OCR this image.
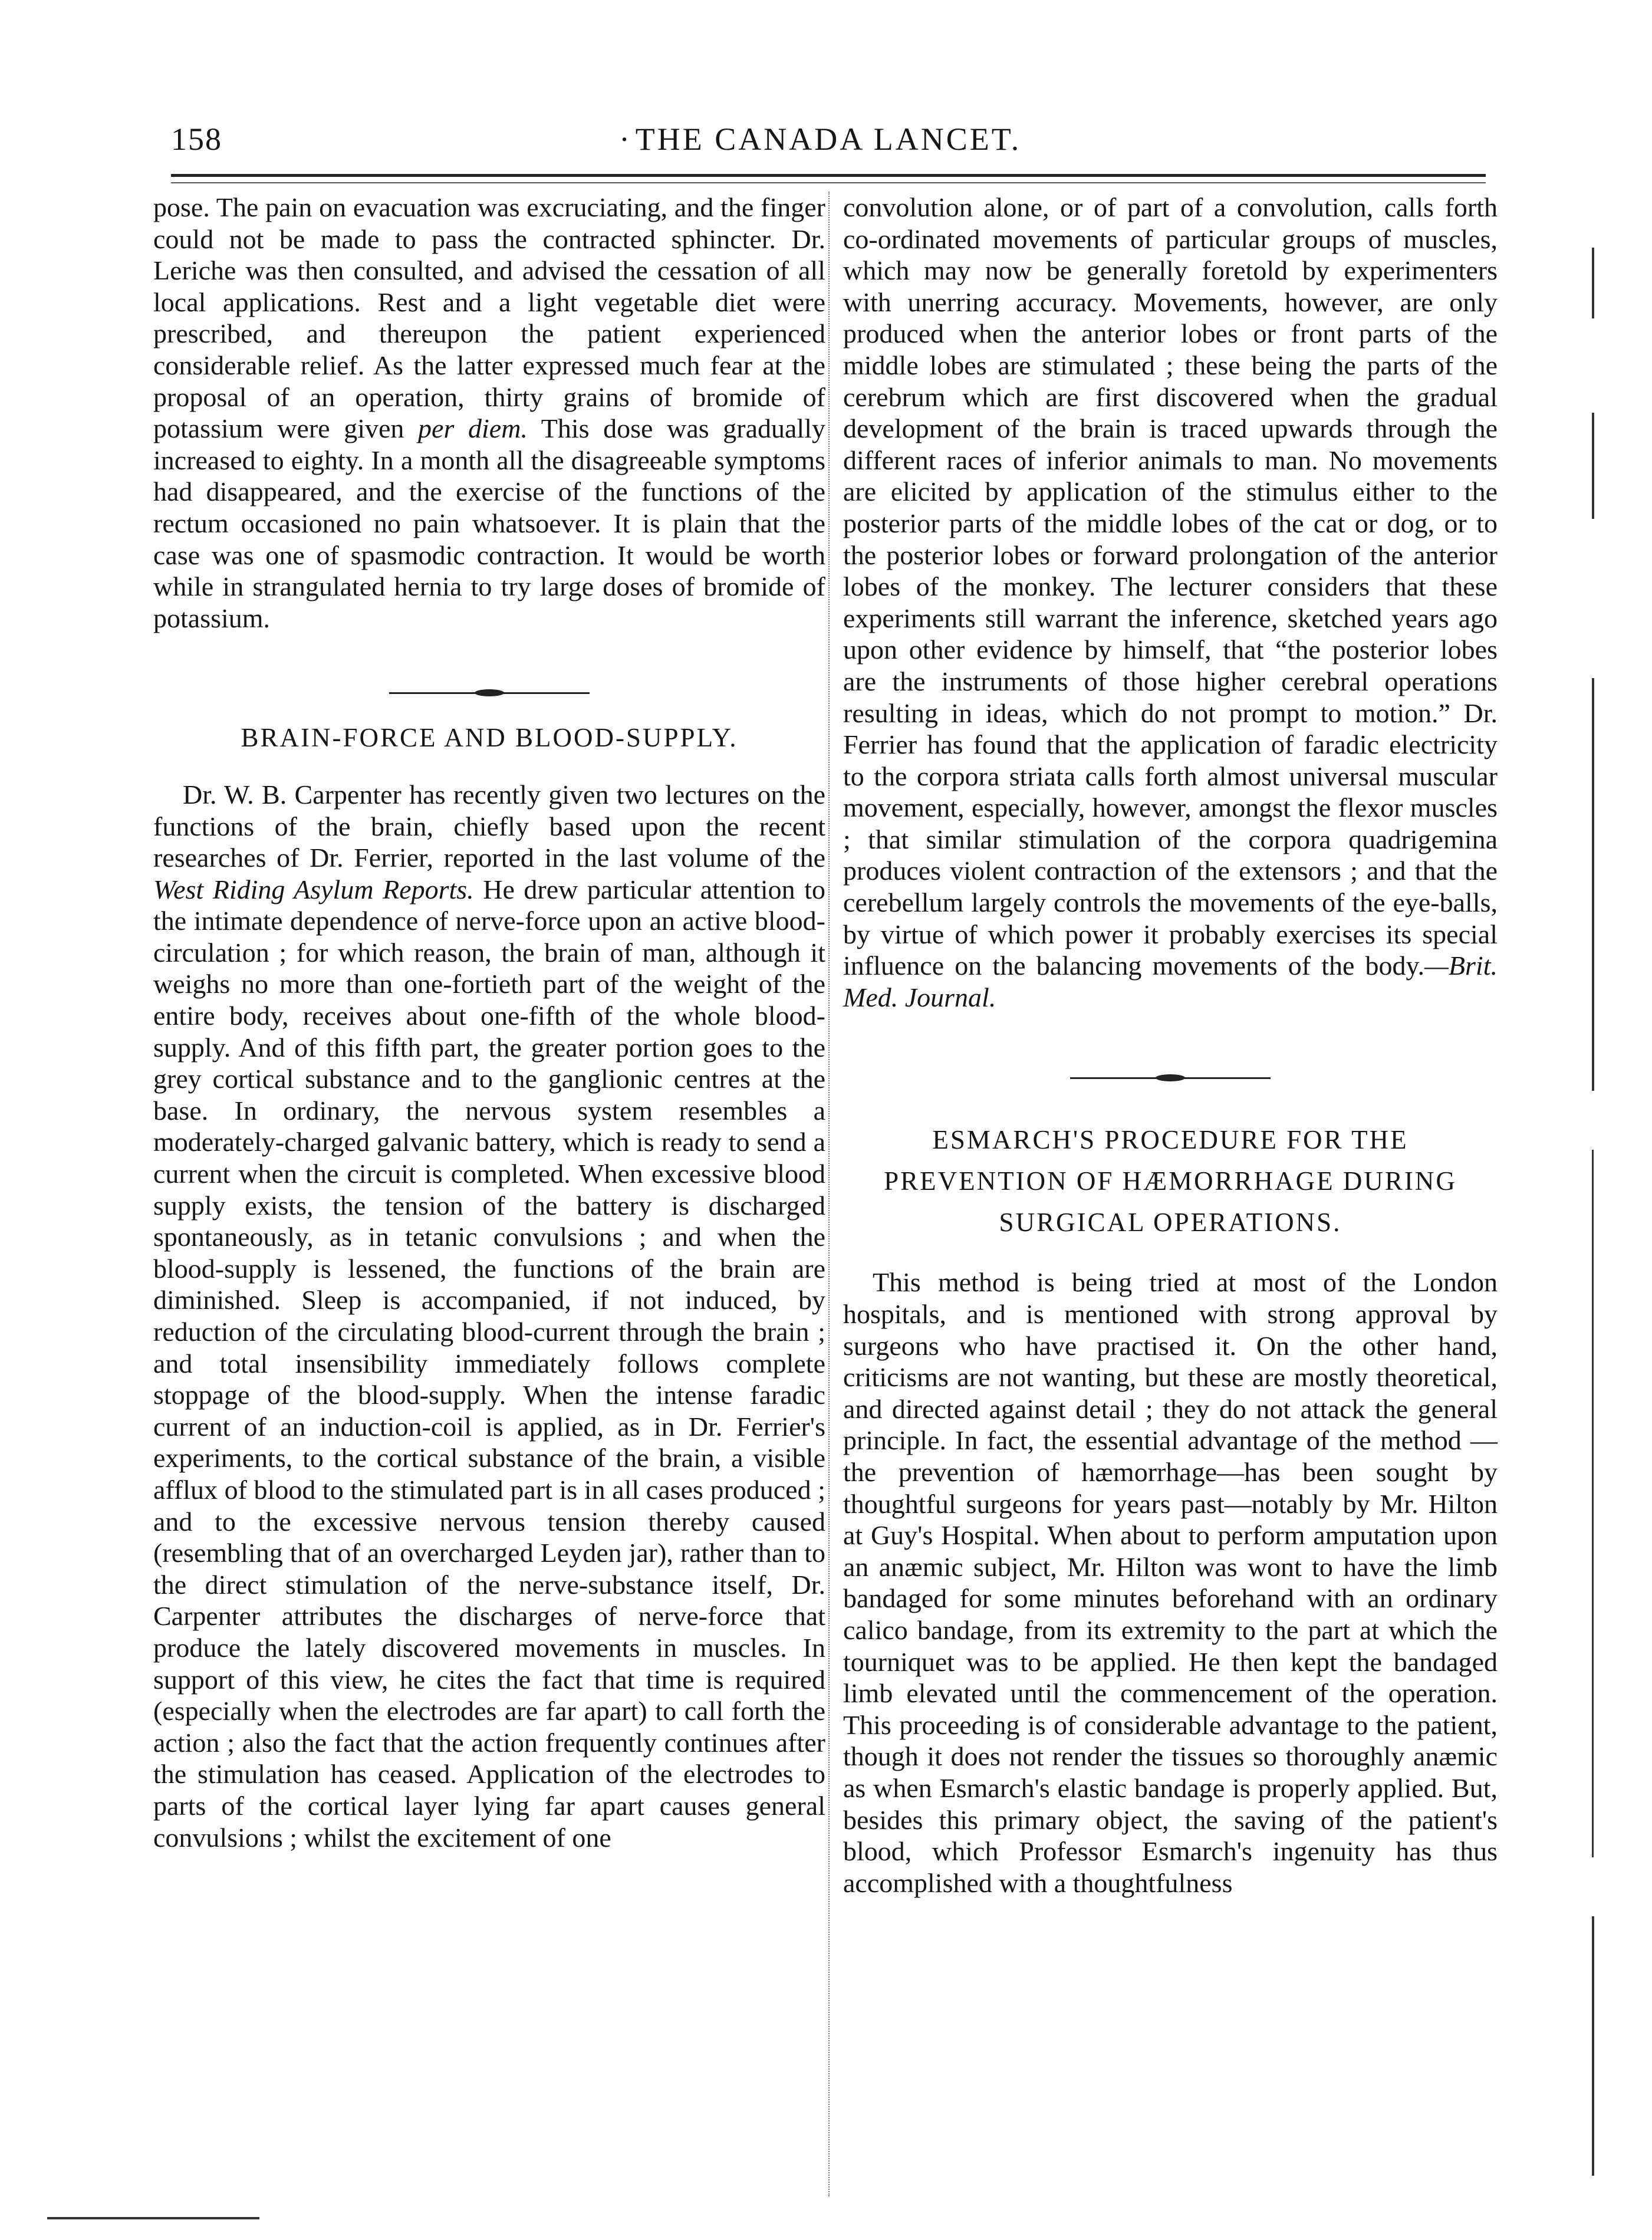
158	· THE CANADA LANCET.

pose. The pain on evacuation was excruciating, and the finger could not be made to pass the contracted sphincter. Dr. Leriche was then consulted, and advised the cessation of all local applications. Rest and a light vegetable diet were prescribed, and thereupon the patient experienced considerable relief. As the latter expressed much fear at the proposal of an operation, thirty grains of bromide of potassium were given per diem. This dose was gradually increased to eighty. In a month all the disagreeable symptoms had disappeared, and the exercise of the functions of the rectum occasioned no pain whatsoever. It is plain that the case was one of spasmodic contraction. It would be worth while in strangulated hernia to try large doses of bromide of potassium.

BRAIN-FORCE AND BLOOD-SUPPLY.

Dr. W. B. Carpenter has recently given two lectures on the functions of the brain, chiefly based upon the recent researches of Dr. Ferrier, reported in the last volume of the West Riding Asylum Reports. He drew particular attention to the intimate dependence of nerve-force upon an active blood-circulation ; for which reason, the brain of man, although it weighs no more than one-fortieth part of the weight of the entire body, receives about one-fifth of the whole blood-supply. And of this fifth part, the greater portion goes to the grey cortical substance and to the ganglionic centres at the base. In ordinary, the nervous system resembles a moderately-charged galvanic battery, which is ready to send a current when the circuit is completed. When excessive blood supply exists, the tension of the battery is discharged spontaneously, as in tetanic convulsions ; and when the blood-supply is lessened, the functions of the brain are diminished. Sleep is accompanied, if not induced, by reduction of the circulating blood-current through the brain ; and total insensibility immediately follows complete stoppage of the blood-supply. When the intense faradic current of an induction-coil is applied, as in Dr. Ferrier's experiments, to the cortical substance of the brain, a visible afflux of blood to the stimulated part is in all cases produced ; and to the excessive nervous tension thereby caused (resembling that of an overcharged Leyden jar), rather than to the direct stimulation of the nerve-substance itself, Dr. Carpenter attributes the discharges of nerve-force that produce the lately discovered movements in muscles. In support of this view, he cites the fact that time is required (especially when the electrodes are far apart) to call forth the action ; also the fact that the action frequently continues after the stimulation has ceased. Application of the electrodes to parts of the cortical layer lying far apart causes general convulsions ; whilst the excitement of one

convolution alone, or of part of a convolution, calls forth co-ordinated movements of particular groups of muscles, which may now be generally foretold by experimenters with unerring accuracy. Movements, however, are only produced when the anterior lobes or front parts of the middle lobes are stimulated ; these being the parts of the cerebrum which are first discovered when the gradual development of the brain is traced upwards through the different races of inferior animals to man. No movements are elicited by application of the stimulus either to the posterior parts of the middle lobes of the cat or dog, or to the posterior lobes or forward prolongation of the anterior lobes of the monkey. The lecturer considers that these experiments still warrant the inference, sketched years ago upon other evidence by himself, that “the posterior lobes are the instruments of those higher cerebral operations resulting in ideas, which do not prompt to motion.” Dr. Ferrier has found that the application of faradic electricity to the corpora striata calls forth almost universal muscular movement, especially, however, amongst the flexor muscles ; that similar stimulation of the corpora quadrigemina produces violent contraction of the extensors ; and that the cerebellum largely controls the movements of the eye-balls, by virtue of which power it probably exercises its special influence on the balancing movements of the body.—Brit. Med. Journal.

ESMARCH'S PROCEDURE FOR THE PREVENTION OF HÆMORRHAGE DURING SURGICAL OPERATIONS.

This method is being tried at most of the London hospitals, and is mentioned with strong approval by surgeons who have practised it. On the other hand, criticisms are not wanting, but these are mostly theoretical, and directed against detail ; they do not attack the general principle. In fact, the essential advantage of the method —the prevention of hæmorrhage—has been sought by thoughtful surgeons for years past—notably by Mr. Hilton at Guy's Hospital. When about to perform amputation upon an anæmic subject, Mr. Hilton was wont to have the limb bandaged for some minutes beforehand with an ordinary calico bandage, from its extremity to the part at which the tourniquet was to be applied. He then kept the bandaged limb elevated until the commencement of the operation. This proceeding is of considerable advantage to the patient, though it does not render the tissues so thoroughly anæmic as when Esmarch's elastic bandage is properly applied. But, besides this primary object, the saving of the patient's blood, which Professor Esmarch's ingenuity has thus accomplished with a thoughtfulness
